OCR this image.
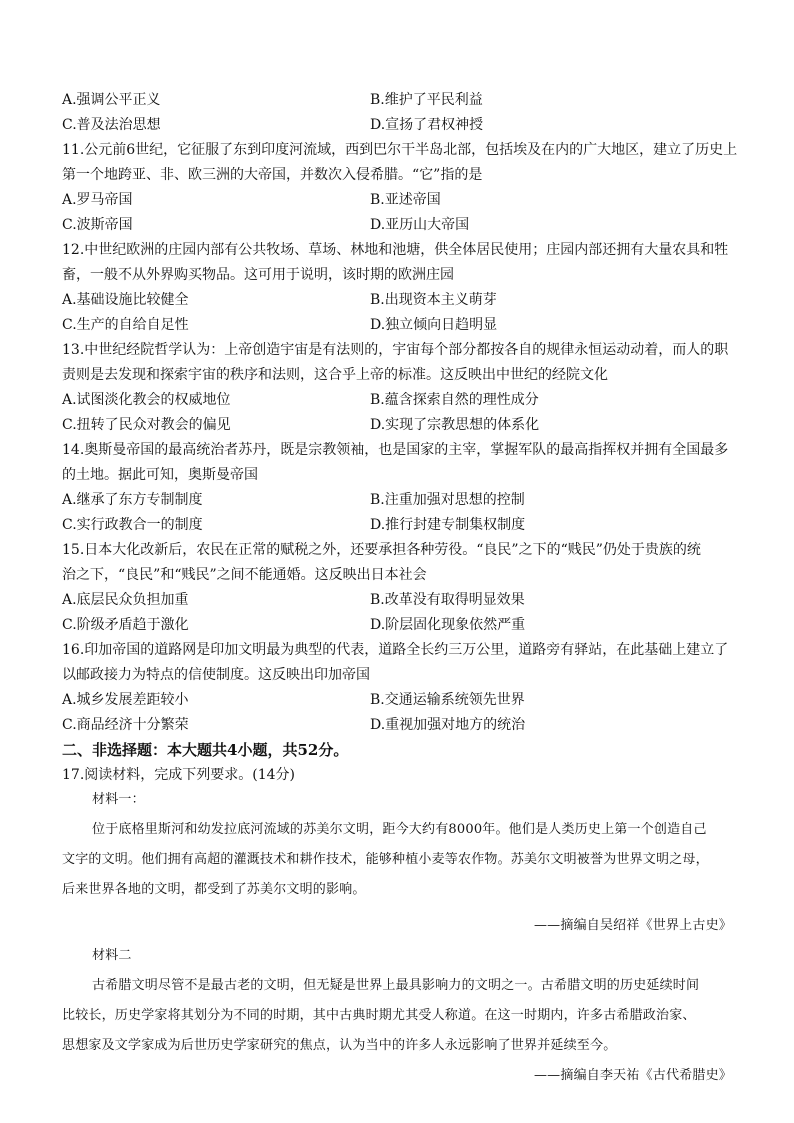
A.强调公平正义	B.维护了平民利益
C.普及法治思想	D.宣扬了君权神授
11.公元前6世纪，它征服了东到印度河流域，西到巴尔干半岛北部，包括埃及在内的广大地区，建立了历史上
第一个地跨亚、非、欧三洲的大帝国，并数次入侵希腊。“它”指的是
A.罗马帝国	B.亚述帝国
C.波斯帝国	D.亚历山大帝国
12.中世纪欧洲的庄园内部有公共牧场、草场、林地和池塘，供全体居民使用；庄园内部还拥有大量农具和牲
畜，一般不从外界购买物品。这可用于说明，该时期的欧洲庄园
A.基础设施比较健全	B.出现资本主义萌芽
C.生产的自给自足性	D.独立倾向日趋明显
13.中世纪经院哲学认为：上帝创造宇宙是有法则的，宇宙每个部分都按各自的规律永恒运动动着，而人的职
责则是去发现和探索宇宙的秩序和法则，这合乎上帝的标准。这反映出中世纪的经院文化
A.试图淡化教会的权威地位	B.蕴含探索自然的理性成分
C.扭转了民众对教会的偏见	D.实现了宗教思想的体系化
14.奥斯曼帝国的最高统治者苏丹，既是宗教领袖，也是国家的主宰，掌握军队的最高指挥权并拥有全国最多
的土地。据此可知，奥斯曼帝国
A.继承了东方专制制度	B.注重加强对思想的控制
C.实行政教合一的制度	D.推行封建专制集权制度
15.日本大化改新后，农民在正常的赋税之外，还要承担各种劳役。“良民”之下的“贱民”仍处于贵族的统
治之下，“良民”和“贱民”之间不能通婚。这反映出日本社会
A.底层民众负担加重	B.改革没有取得明显效果
C.阶级矛盾趋于激化	D.阶层固化现象依然严重
16.印加帝国的道路网是印加文明最为典型的代表，道路全长约三万公里，道路旁有驿站，在此基础上建立了
以邮政接力为特点的信使制度。这反映出印加帝国
A.城乡发展差距较小	B.交通运输系统领先世界
C.商品经济十分繁荣	D.重视加强对地方的统治
二、非选择题：本大题共4小题，共52分。
17.阅读材料，完成下列要求。(14分)
材料一：
位于底格里斯河和幼发拉底河流域的苏美尔文明，距今大约有8000年。他们是人类历史上第一个创造自己
文字的文明。他们拥有高超的灌溉技术和耕作技术，能够种植小麦等农作物。苏美尔文明被誉为世界文明之母，
后来世界各地的文明，都受到了苏美尔文明的影响。
——摘编自吴绍祥《世界上古史》
材料二
古希腊文明尽管不是最古老的文明，但无疑是世界上最具影响力的文明之一。古希腊文明的历史延续时间
比较长，历史学家将其划分为不同的时期，其中古典时期尤其受人称道。在这一时期内，许多古希腊政治家、
思想家及文学家成为后世历史学家研究的焦点，认为当中的许多人永远影响了世界并延续至今。
——摘编自李天祐《古代希腊史》
